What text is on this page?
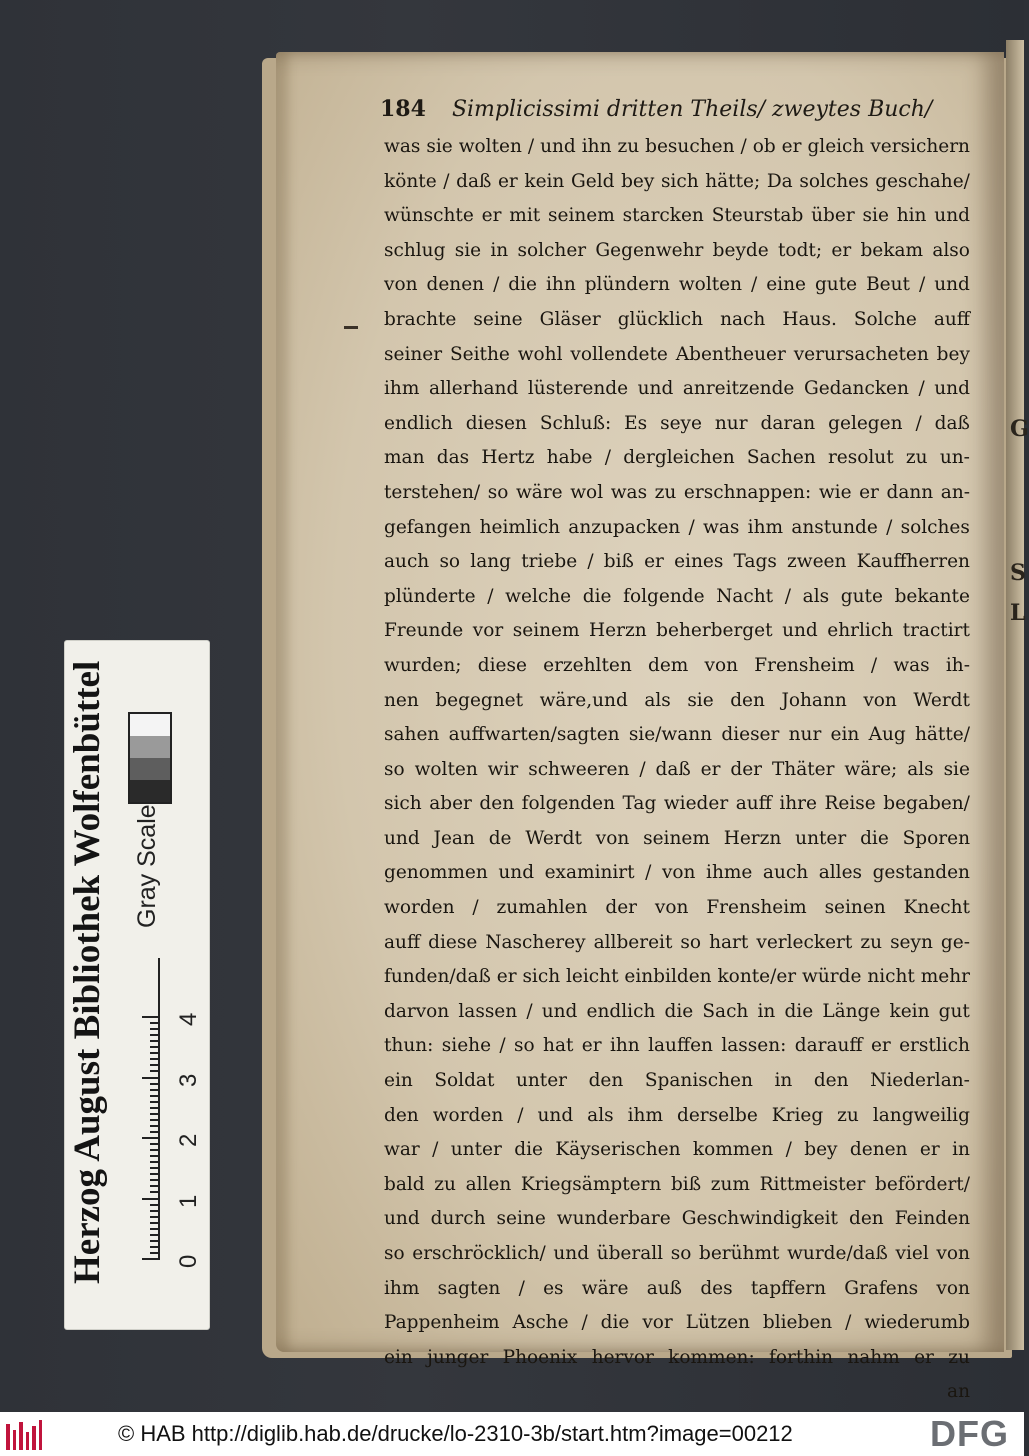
G
S
L
184 Simplicissimi dritten Theils/ zweytes Buch/
was sie wolten / und ihn zu besuchen / ob er gleich versichern
könte / daß er kein Geld bey sich hätte; Da solches geschahe/
wünschte er mit seinem starcken Steurstab über sie hin und
schlug sie in solcher Gegenwehr beyde todt; er bekam also
von denen / die ihn plündern wolten / eine gute Beut / und
brachte seine Gläser glücklich nach Haus. Solche auff
seiner Seithe wohl vollendete Abentheuer verursacheten bey
ihm allerhand lüsterende und anreitzende Gedancken / und
endlich diesen Schluß: Es seye nur daran gelegen / daß
man das Hertz habe / dergleichen Sachen resolut zu un-
terstehen/ so wäre wol was zu erschnappen: wie er dann an-
gefangen heimlich anzupacken / was ihm anstunde / solches
auch so lang triebe / biß er eines Tags zween Kauffherren
plünderte / welche die folgende Nacht / als gute bekante
Freunde vor seinem Herzn beherberget und ehrlich tractirt
wurden; diese erzehlten dem von Frensheim / was ih-
nen begegnet wäre,und als sie den Johann von Werdt
sahen auffwarten/sagten sie/wann dieser nur ein Aug hätte/
so wolten wir schweeren / daß er der Thäter wäre; als sie
sich aber den folgenden Tag wieder auff ihre Reise begaben/
und Jean de Werdt von seinem Herzn unter die Sporen
genommen und examinirt / von ihme auch alles gestanden
worden / zumahlen der von Frensheim seinen Knecht
auff diese Nascherey allbereit so hart verleckert zu seyn ge-
funden/daß er sich leicht einbilden konte/er würde nicht mehr
darvon lassen / und endlich die Sach in die Länge kein gut
thun: siehe / so hat er ihn lauffen lassen: darauff er erstlich
ein Soldat unter den Spanischen in den Niederlan-
den worden / und als ihm derselbe Krieg zu langweilig
war / unter die Käyserischen kommen / bey denen er in
bald zu allen Kriegsämptern biß zum Rittmeister befördert/
und durch seine wunderbare Geschwindigkeit den Feinden
so erschröcklich/ und überall so berühmt wurde/daß viel von
ihm sagten / es wäre auß des tapffern Grafens von
Pappenheim Asche / die vor Lützen blieben / wiederumb
ein junger Phoenix hervor kommen: forthin nahm er zu
an
Herzog August Bibliothek Wolfenbüttel	Gray Scale
0
1
2
3
4
© HAB http://diglib.hab.de/drucke/lo-2310-3b/start.htm?image=00212	DFG
